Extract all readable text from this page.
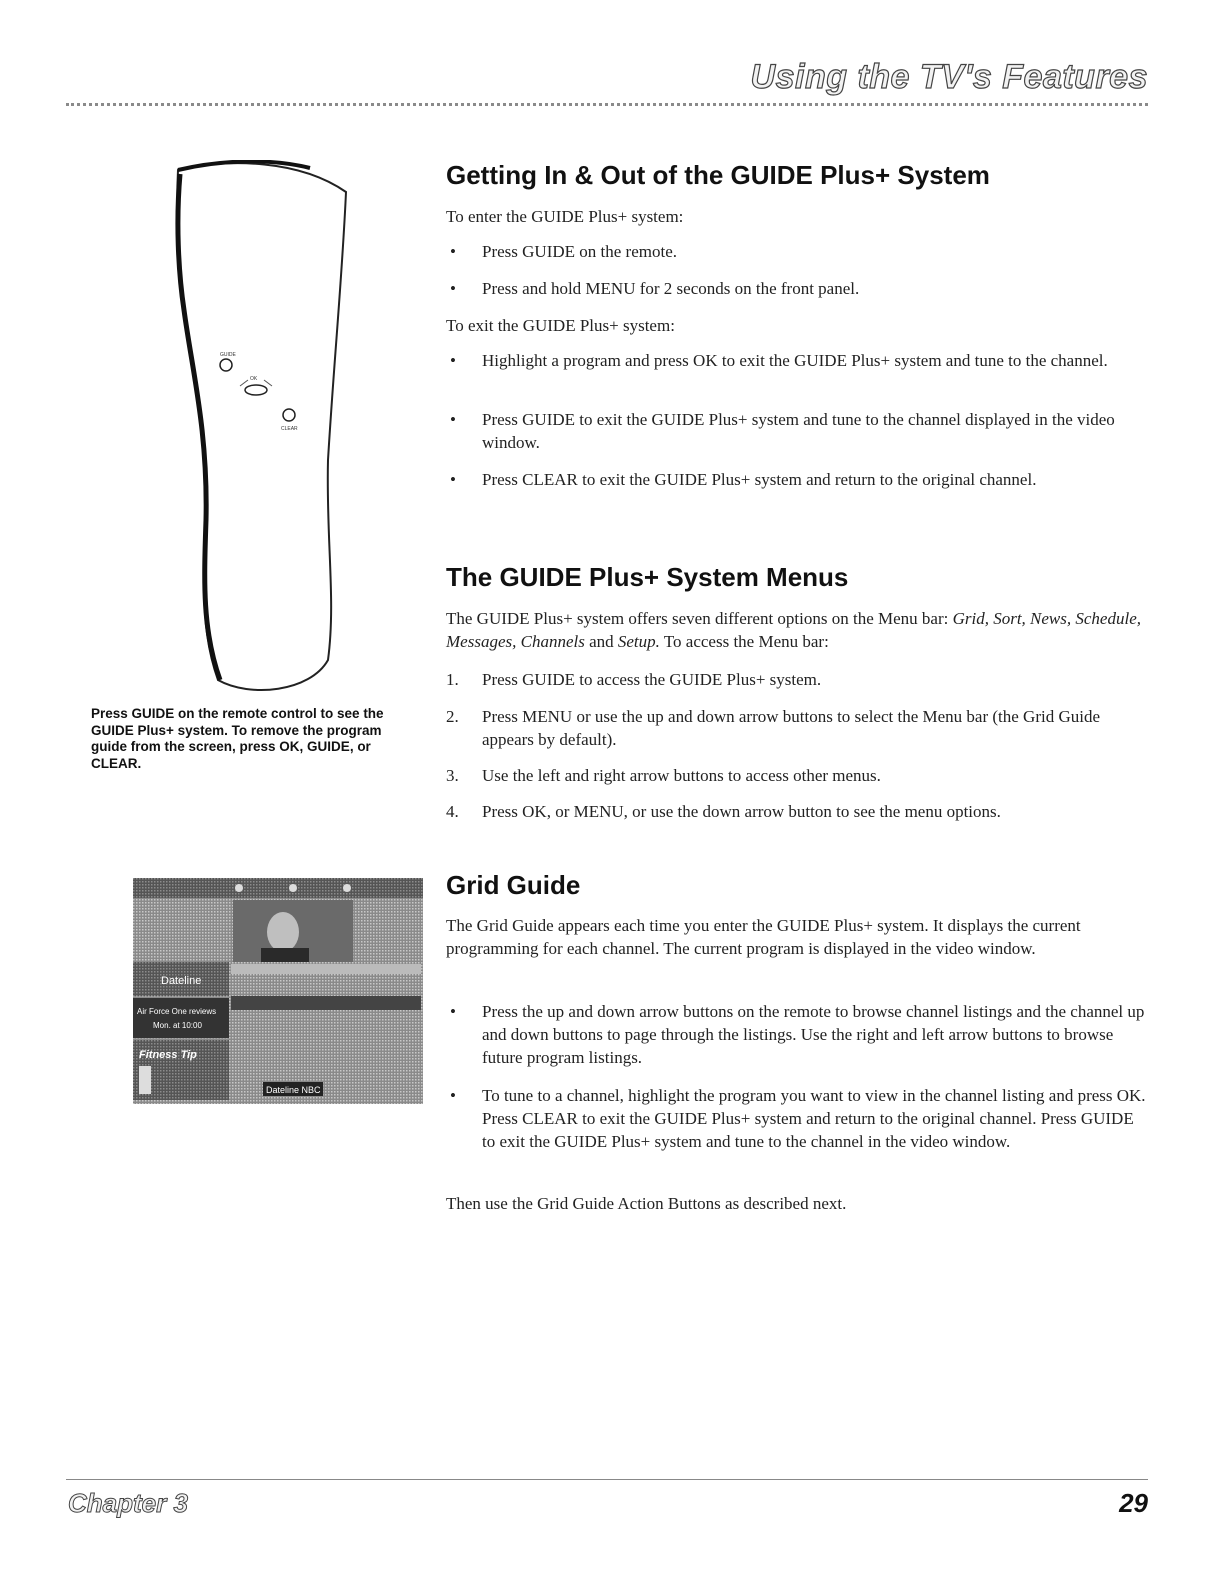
Using the TV's Features
GUIDE
OK
CLEAR
Press GUIDE on the remote control to see the GUIDE Plus+ system. To remove the program guide from the screen, press OK, GUIDE, or CLEAR.
Dateline
Air Force One reviews
Mon. at 10:00
Fitness Tip
Dateline NBC
Getting In & Out of the GUIDE Plus+ System

To enter the GUIDE Plus+ system:

•
Press GUIDE on the remote.
•
Press and hold MENU for 2 seconds on the front panel.

To exit the GUIDE Plus+ system:

•
Highlight a program and press OK to exit the GUIDE Plus+ system and tune to the channel.
•
Press GUIDE to exit the GUIDE Plus+ system and tune to the channel displayed in the video window.
•
Press CLEAR to exit the GUIDE Plus+ system and return to the original channel.
The GUIDE Plus+ System Menus

The GUIDE Plus+ system offers seven different options on the Menu bar: Grid, Sort, News, Schedule, Messages, Channels and Setup. To access the Menu bar:

1. Press GUIDE to access the GUIDE Plus+ system.
2. Press MENU or use the up and down arrow buttons to select the Menu bar (the Grid Guide appears by default).
3. Use the left and right arrow buttons to access other menus.
4. Press OK, or MENU, or use the down arrow button to see the menu options.
Grid Guide

The Grid Guide appears each time you enter the GUIDE Plus+ system. It displays the current programming for each channel. The current program is displayed in the video window.

•
Press the up and down arrow buttons on the remote to browse channel listings and the channel up and down buttons to page through the listings. Use the right and left arrow buttons to browse future program listings.
•
To tune to a channel, highlight the program you want to view in the channel listing and press OK. Press CLEAR to exit the GUIDE Plus+ system and return to the original channel. Press GUIDE to exit the GUIDE Plus+ system and tune to the channel in the video window.

Then use the Grid Guide Action Buttons as described next.

Chapter 3	29
